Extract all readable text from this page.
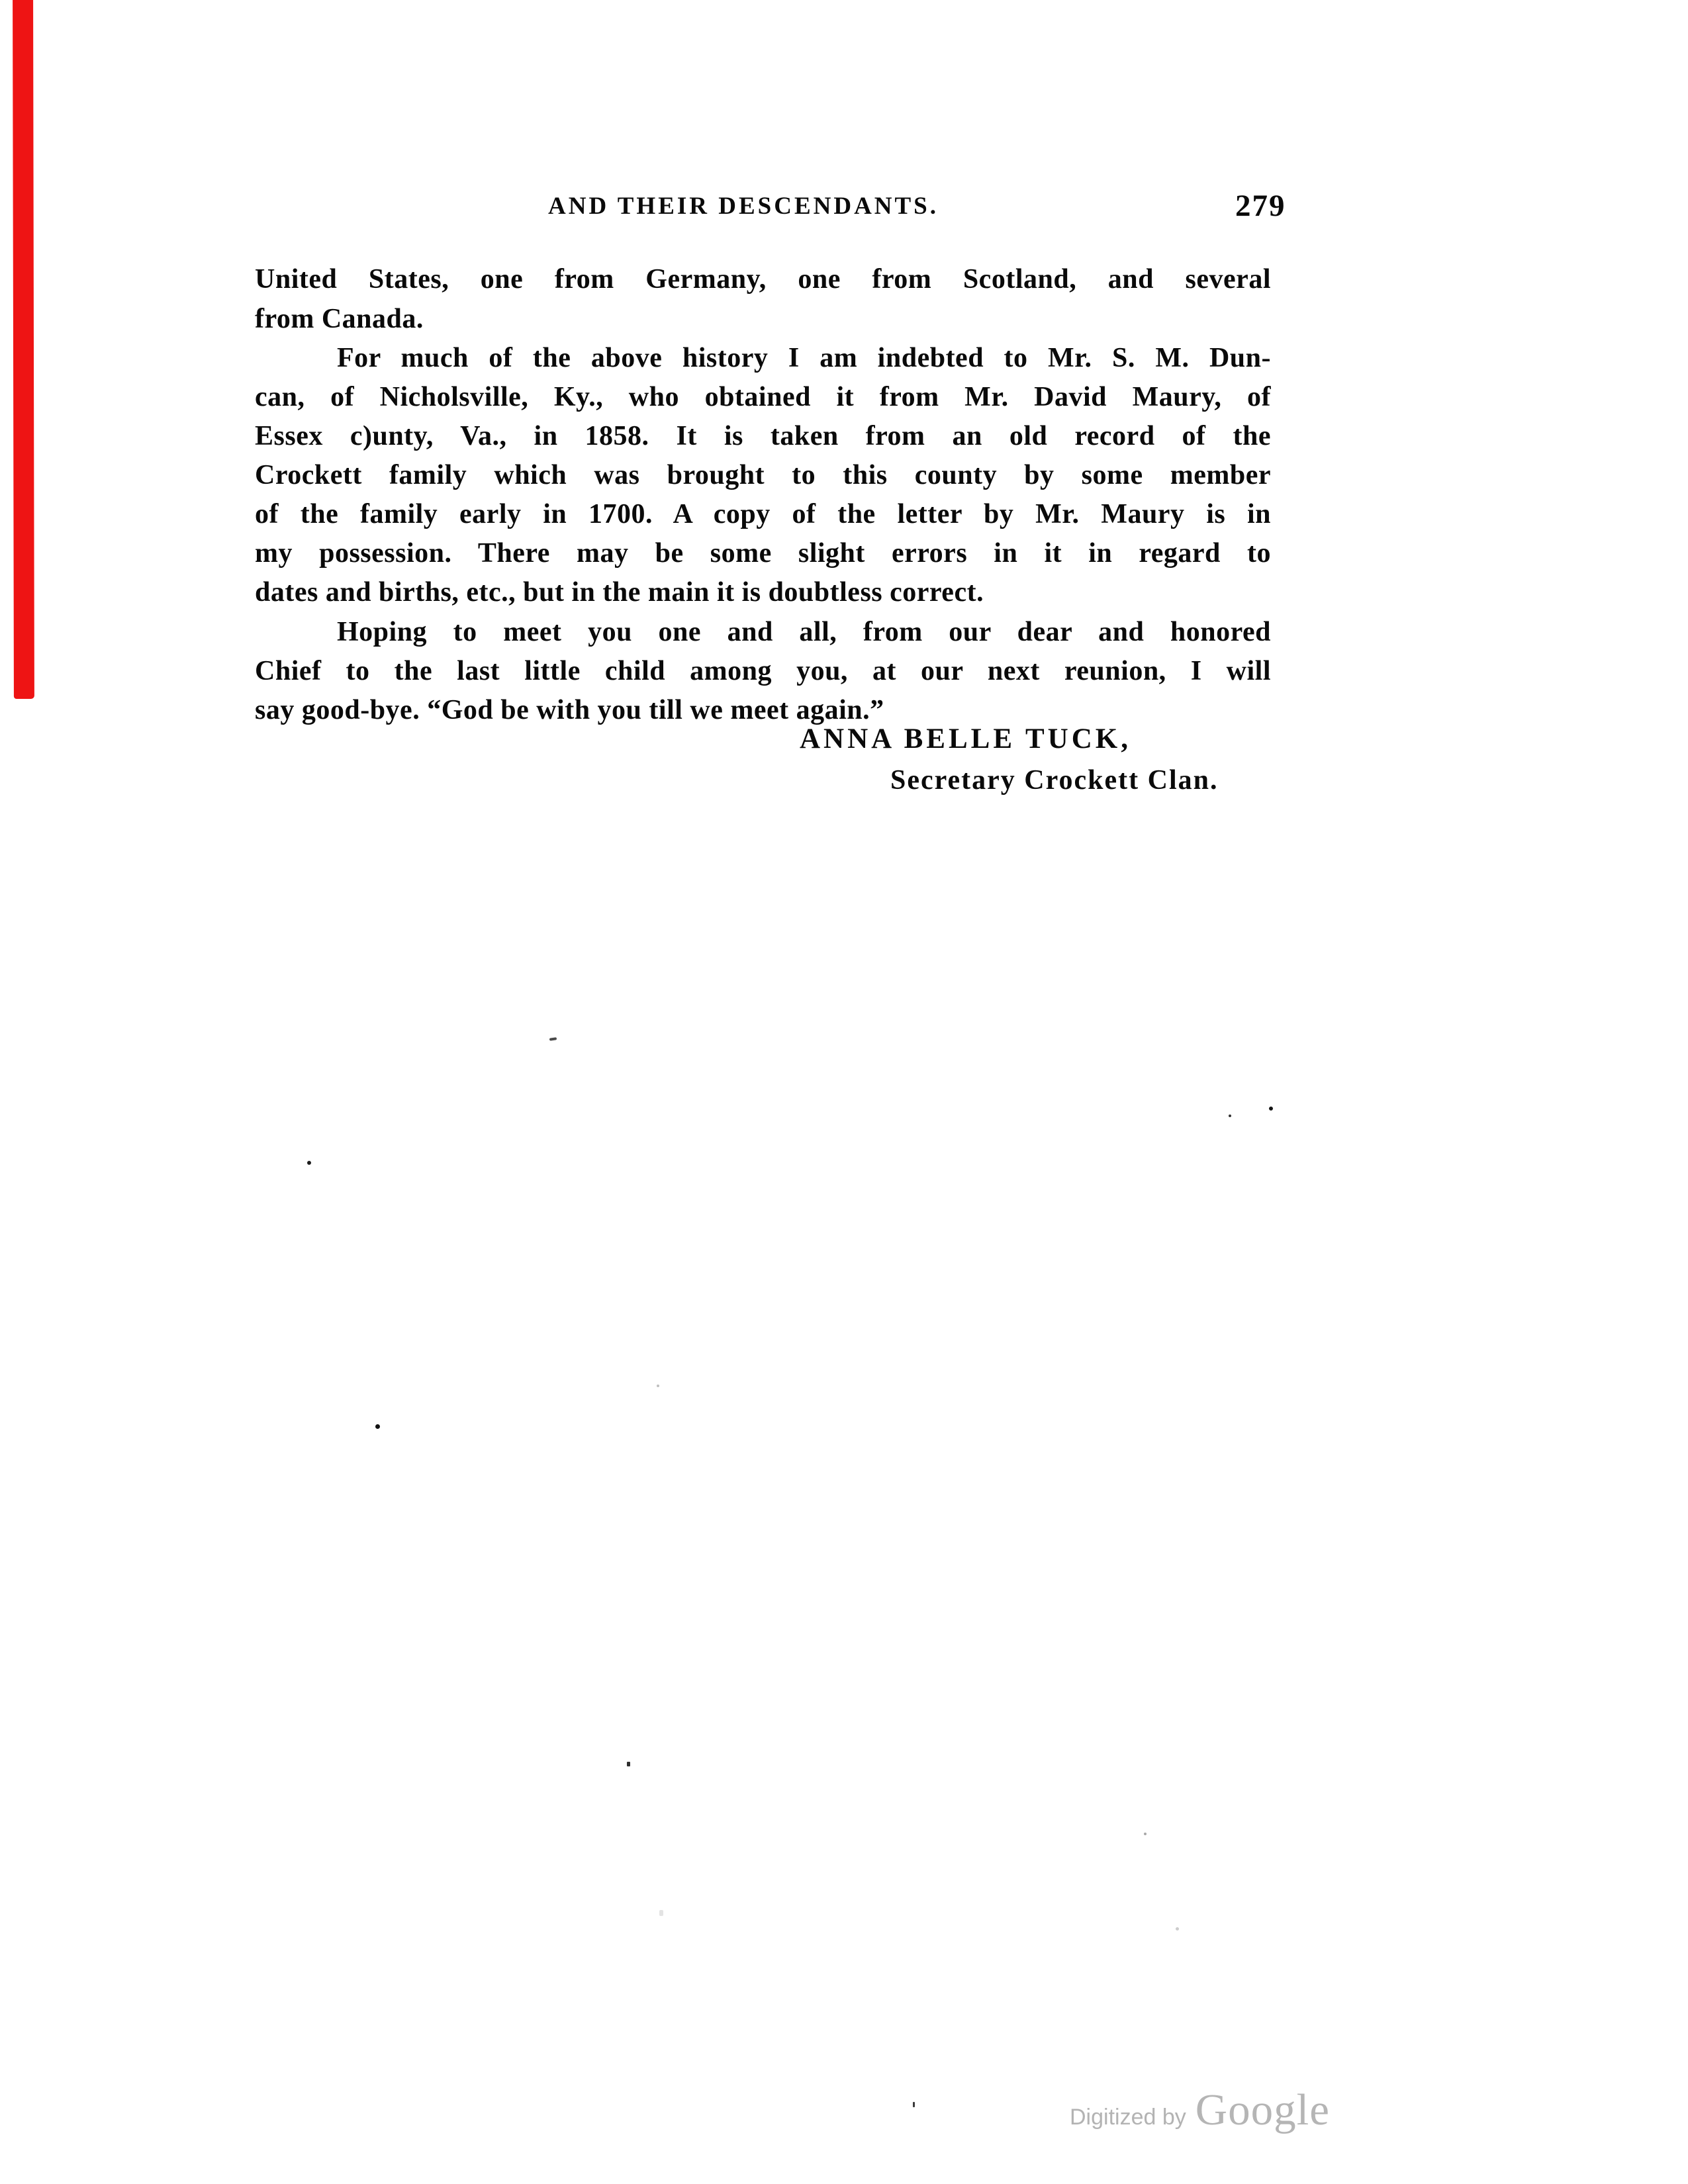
AND THEIR DESCENDANTS.	279
United States, one from Germany, one from Scotland, and several
from Canada.
For much of the above history I am indebted to Mr. S. M. Dun-
can, of Nicholsville, Ky., who obtained it from Mr. David Maury, of
Essex c)unty, Va., in 1858. It is taken from an old record of the
Crockett family which was brought to this county by some member
of the family early in 1700. A copy of the letter by Mr. Maury is in
my possession. There may be some slight errors in it in regard to
dates and births, etc., but in the main it is doubtless correct.
Hoping to meet you one and all, from our dear and honored
Chief to the last little child among you, at our next reunion, I will
say good-bye. “God be with you till we meet again.”
ANNA BELLE TUCK,
Secretary Crockett Clan.
Digitized by Google
